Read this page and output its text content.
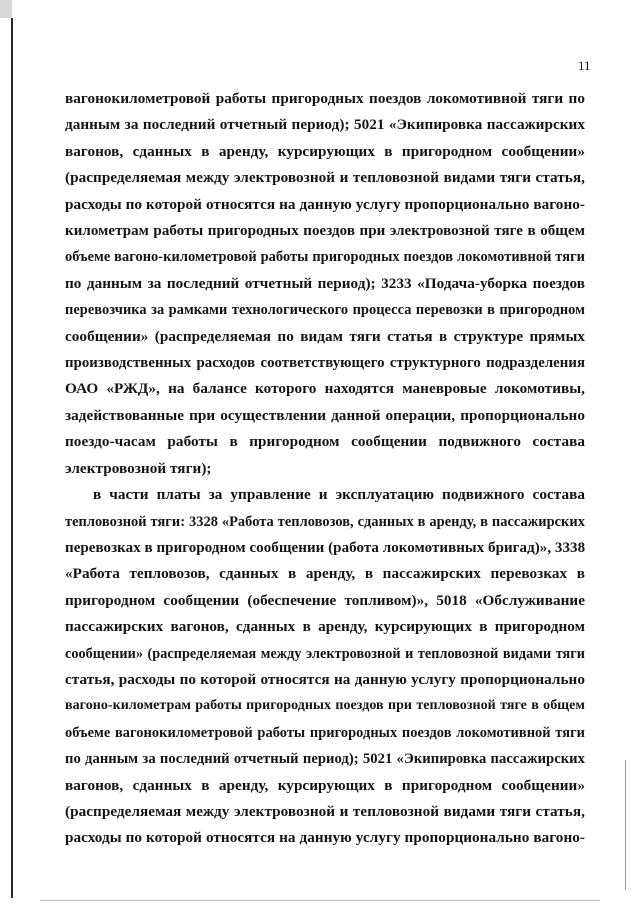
11

вагонокилометровой работы пригородных поездов локомотивной тяги по
данным за последний отчетный период); 5021 «Экипировка пассажирских
вагонов, сданных в аренду, курсирующих в пригородном сообщении»
(распределяемая между электровозной и тепловозной видами тяги статья,
расходы по которой относятся на данную услугу пропорционально вагоно-
километрам работы пригородных поездов при электровозной тяге в общем
объеме вагоно-километровой работы пригородных поездов локомотивной тяги
по данным за последний отчетный период); 3233 «Подача-уборка поездов
перевозчика за рамками технологического процесса перевозки в пригородном
сообщении» (распределяемая по видам тяги статья в структуре прямых
производственных расходов соответствующего структурного подразделения
ОАО «РЖД», на балансе которого находятся маневровые локомотивы,
задействованные при осуществлении данной операции, пропорционально
поездо-часам работы в пригородном сообщении подвижного состава
электровозной тяги);

в части платы за управление и эксплуатацию подвижного состава
тепловозной тяги: 3328 «Работа тепловозов, сданных в аренду, в пассажирских
перевозках в пригородном сообщении (работа локомотивных бригад)», 3338
«Работа тепловозов, сданных в аренду, в пассажирских перевозках в
пригородном сообщении (обеспечение топливом)», 5018 «Обслуживание
пассажирских вагонов, сданных в аренду, курсирующих в пригородном
сообщении» (распределяемая между электровозной и тепловозной видами тяги
статья, расходы по которой относятся на данную услугу пропорционально
вагоно-километрам работы пригородных поездов при тепловозной тяге в общем
объеме вагонокилометровой работы пригородных поездов локомотивной тяги
по данным за последний отчетный период); 5021 «Экипировка пассажирских
вагонов, сданных в аренду, курсирующих в пригородном сообщении»
(распределяемая между электровозной и тепловозной видами тяги статья,
расходы по которой относятся на данную услугу пропорционально вагоно-
